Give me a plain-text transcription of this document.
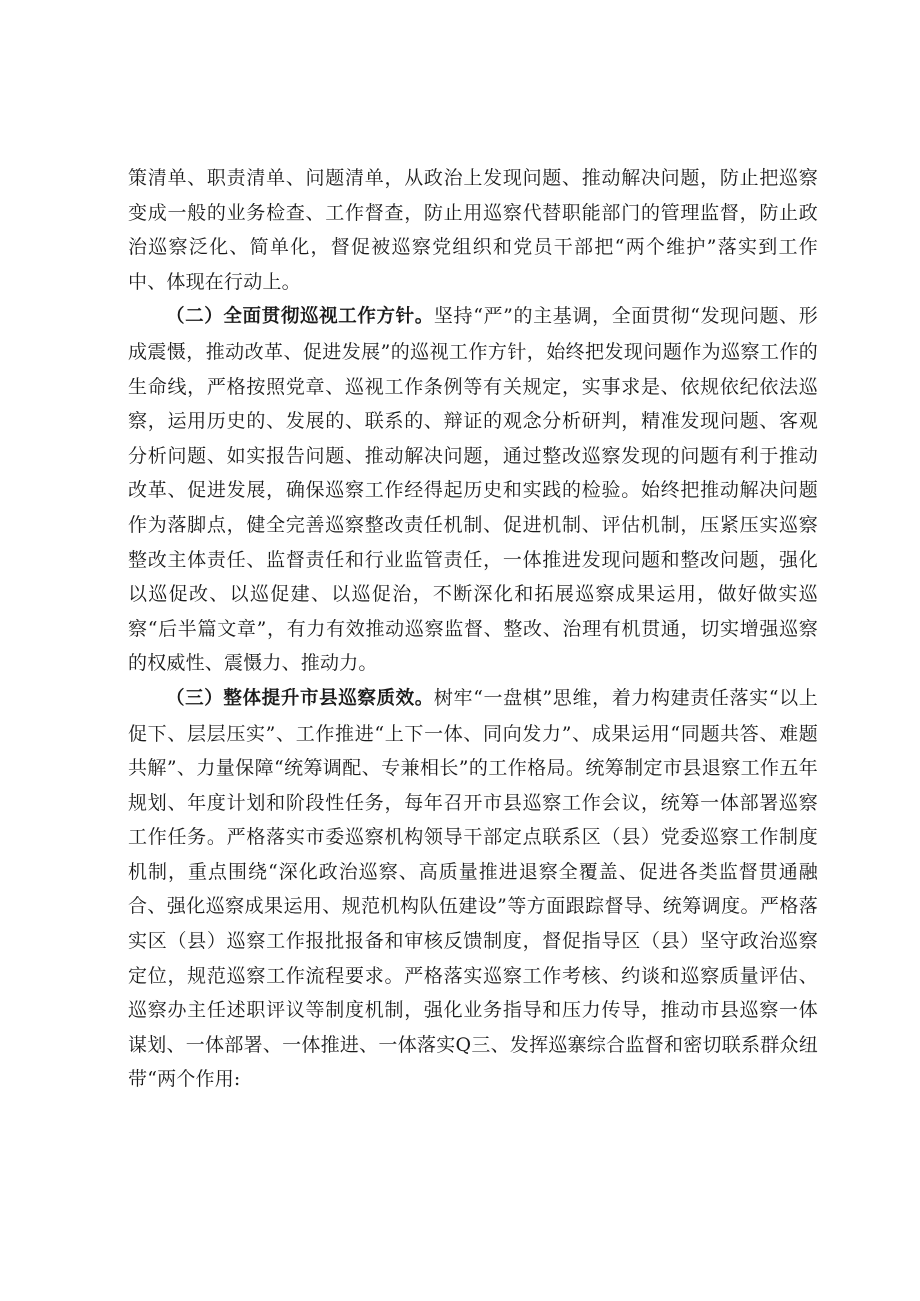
策清单、职责清单、问题清单，从政治上发现问题、推动解决问题，防止把巡察变成一般的业务检查、工作督查，防止用巡察代替职能部门的管理监督，防止政治巡察泛化、简单化，督促被巡察党组织和党员干部把“两个维护”落实到工作中、体现在行动上。

（二）全面贯彻巡视工作方针。坚持“严”的主基调，全面贯彻“发现问题、形成震慑，推动改革、促进发展”的巡视工作方针，始终把发现问题作为巡察工作的生命线，严格按照党章、巡视工作条例等有关规定，实事求是、依规依纪依法巡察，运用历史的、发展的、联系的、辩证的观念分析研判，精准发现问题、客观分析问题、如实报告问题、推动解决问题，通过整改巡察发现的问题有利于推动改革、促进发展，确保巡察工作经得起历史和实践的检验。始终把推动解决问题作为落脚点，健全完善巡察整改责任机制、促进机制、评估机制，压紧压实巡察整改主体责任、监督责任和行业监管责任，一体推进发现问题和整改问题，强化以巡促改、以巡促建、以巡促治，不断深化和拓展巡察成果运用，做好做实巡察“后半篇文章”，有力有效推动巡察监督、整改、治理有机贯通，切实增强巡察的权威性、震慑力、推动力。

（三）整体提升市县巡察质效。树牢“一盘棋”思维，着力构建责任落实“以上促下、层层压实”、工作推进“上下一体、同向发力”、成果运用“同题共答、难题共解”、力量保障“统筹调配、专兼相长”的工作格局。统筹制定市县退察工作五年规划、年度计划和阶段性任务，每年召开市县巡察工作会议，统筹一体部署巡察工作任务。严格落实市委巡察机构领导干部定点联系区（县）党委巡察工作制度机制，重点围绕“深化政治巡察、高质量推进退察全覆盖、促进各类监督贯通融合、强化巡察成果运用、规范机构队伍建设”等方面跟踪督导、统筹调度。严格落实区（县）巡察工作报批报备和审核反馈制度，督促指导区（县）坚守政治巡察定位，规范巡察工作流程要求。严格落实巡察工作考核、约谈和巡察质量评估、巡察办主任述职评议等制度机制，强化业务指导和压力传导，推动市县巡察一体谋划、一体部署、一体推进、一体落实Q三、发挥巡寨综合监督和密切联系群众纽带“两个作用:
